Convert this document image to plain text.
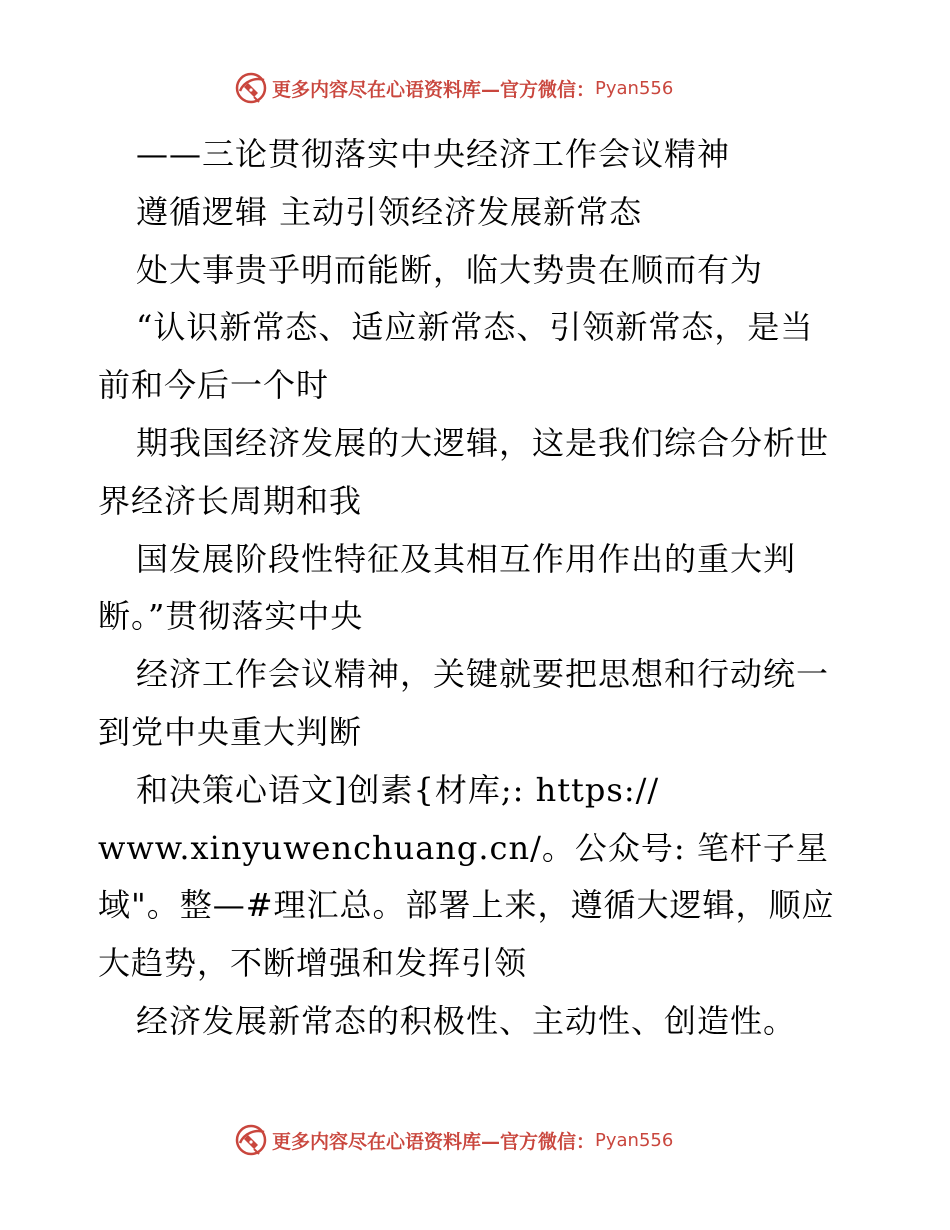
更多内容尽在心语资料库—官方微信： Pyan556
——三论贯彻落实中央经济工作会议精神
遵循逻辑 主动引领经济发展新常态
处大事贵乎明而能断，临大势贵在顺而有为
“认识新常态、适应新常态、引领新常态，是当
前和今后一个时
期我国经济发展的大逻辑，这是我们综合分析世
界经济长周期和我
国发展阶段性特征及其相互作用作出的重大判
断。”贯彻落实中央
经济工作会议精神，关键就要把思想和行动统一
到党中央重大判断
和决策心语文]创素{材库;: https://
www.xinyuwenchuang.cn/。公众号: 笔杆子星
域"。整—#理汇总。部署上来，遵循大逻辑，顺应
大趋势，不断增强和发挥引领
经济发展新常态的积极性、主动性、创造性。
更多内容尽在心语资料库—官方微信： Pyan556
